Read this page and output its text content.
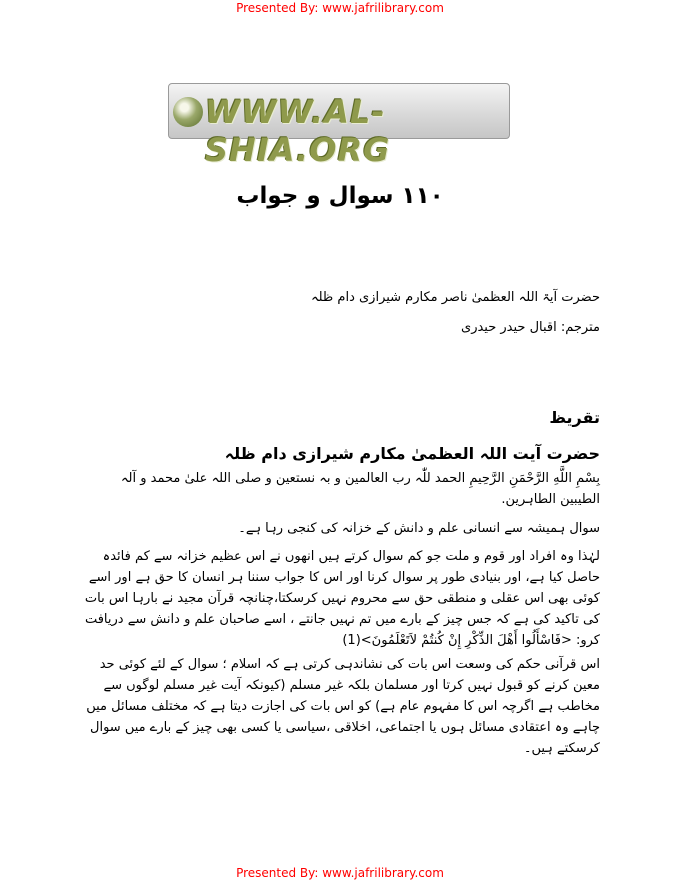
Presented By: www.jafrilibrary.com
WWW.AL-SHIA.ORG
۱۱۰ سوال و جواب
حضرت آیۃ اللہ العظمیٰ ناصر مکارم شیرازی دام ظلہ
مترجم: اقبال حیدر حیدری
تقریظ
حضرت آیت اللہ العظمیٰ مکارم شیرازی دام ظلہ
بِسْمِ اللَّهِ الرَّحْمَنِ الرَّحِيمِ الحمد للّٰہ رب العالمین و بہ نستعین و صلی اللہ علیٰ محمد و آلہ الطیبین الطاہرین.
سوال ہمیشہ سے انسانی علم و دانش کے خزانہ کی کنجی رہا ہے۔
لہٰذا وہ افراد اور قوم و ملت جو کم سوال کرتے ہیں انھوں نے اس عظیم خزانہ سے کم فائدہ حاصل کیا ہے، اور بنیادی طور پر سوال کرنا اور اس کا جواب سننا ہر انسان کا حق ہے اور اسے کوئی بھی اس عقلی و منطقی حق سے محروم نہیں کرسکتا،چنانچہ قرآن مجید نے بارہا اس بات کی تاکید کی ہے کہ جس چیز کے بارے میں تم نہیں جانتے ، اسے صاحبان علم و دانش سے دریافت کرو: <فَاسْأَلُوا أَهْلَ الذِّكْرِ إِنْ كُنتُمْ لاَتَعْلَمُونَ>(1)
اس قرآنی حکم کی وسعت اس بات کی نشاندہی کرتی ہے کہ اسلام ؛ سوال کے لئے کوئی حد معین کرنے کو قبول نہیں کرتا اور مسلمان بلکہ غیر مسلم (کیونکہ آیت غیر مسلم لوگوں سے مخاطب ہے اگرچہ اس کا مفہوم عام ہے) کو اس بات کی اجازت دیتا ہے کہ مختلف مسائل میں چاہے وہ اعتقادی مسائل ہوں یا اجتماعی، اخلاقی ،سیاسی یا کسی بھی چیز کے بارے میں سوال کرسکتے ہیں۔
Presented By: www.jafrilibrary.com
